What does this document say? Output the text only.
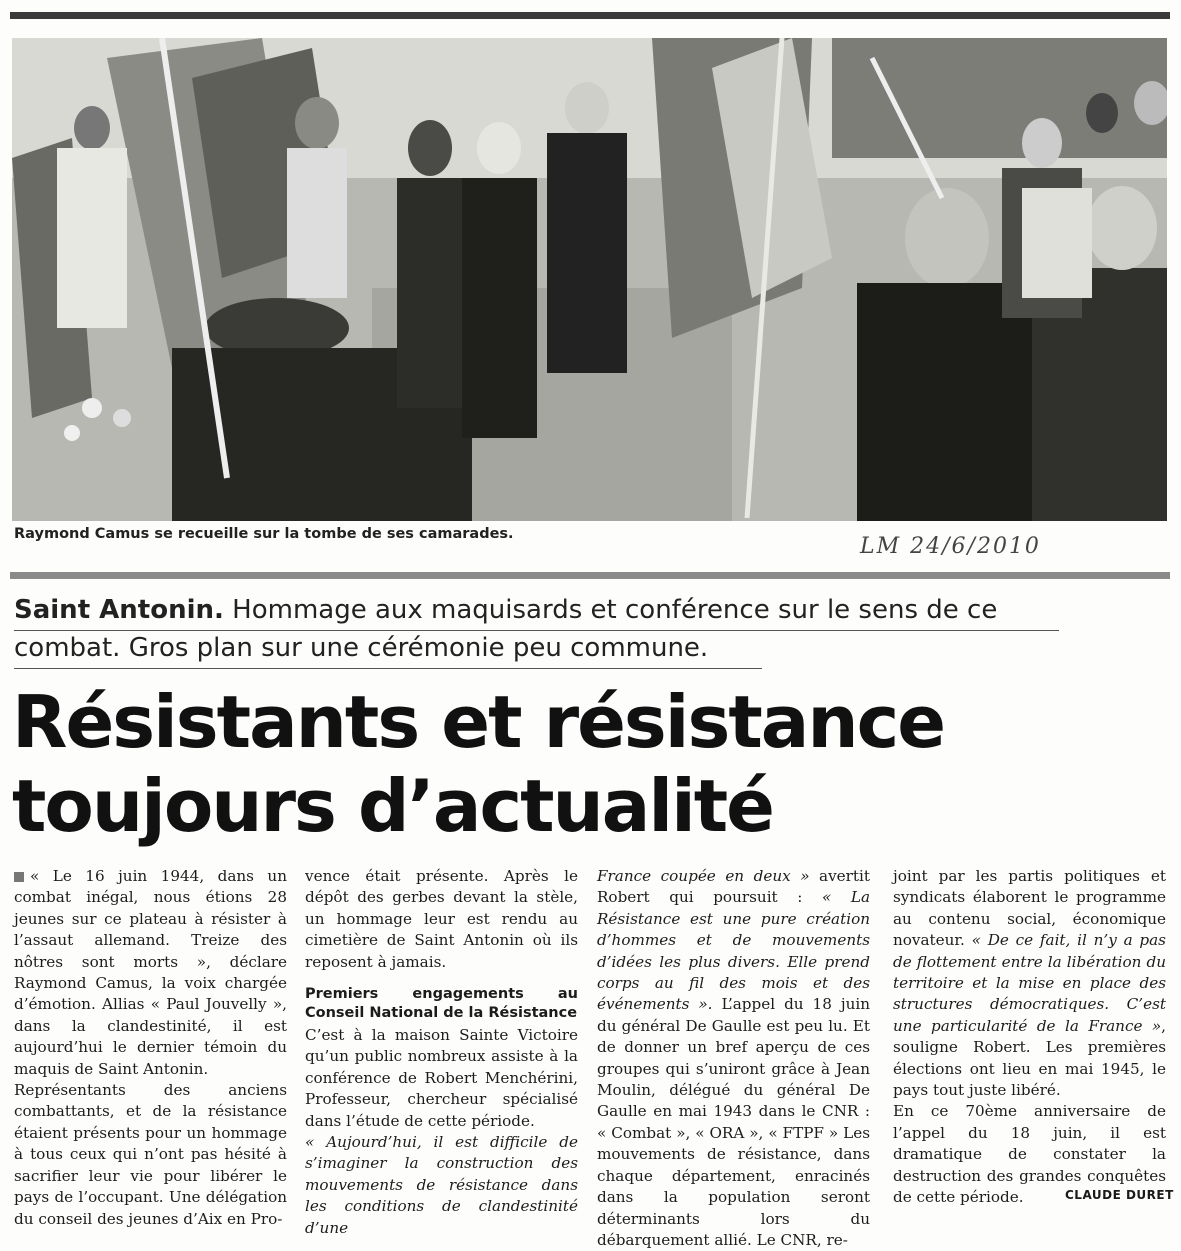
Raymond Camus se recueille sur la tombe de ses camarades.	LM 24/6/2010
Saint Antonin. Hommage aux maquisards et conférence sur le sens de ce combat. Gros plan sur une cérémonie peu commune.
Résistants et résistance
toujours d’actualité

« Le 16 juin 1944, dans un combat inégal, nous étions 28 jeunes sur ce plateau à résister à l’assaut allemand. Treize des nôtres sont morts », déclare Raymond Camus, la voix chargée d’émotion. Allias « Paul Jouvelly », dans la clandestinité, il est aujourd’hui le dernier témoin du maquis de Saint Antonin.

Représentants des anciens combattants, et de la résistance étaient présents pour un hommage à tous ceux qui n’ont pas hésité à sacrifier leur vie pour libérer le pays de l’occupant. Une délégation du conseil des jeunes d’Aix en Pro-

vence était présente. Après le dépôt des gerbes devant la stèle, un hommage leur est rendu au cimetière de Saint Antonin où ils reposent à jamais.

Premiers engagements au Conseil National de la Résistance

C’est à la maison Sainte Victoire qu’un public nombreux assiste à la conférence de Robert Menchérini, Professeur, chercheur spécialisé dans l’étude de cette période.

« Aujourd’hui, il est difficile de s’imaginer la construction des mouvements de résistance dans les conditions de clandestinité d’une

France coupée en deux » avertit Robert qui poursuit : « La Résistance est une pure création d’hommes et de mouvements d’idées les plus divers. Elle prend corps au fil des mois et des événements ». L’appel du 18 juin du général De Gaulle est peu lu. Et de donner un bref aperçu de ces groupes qui s’uniront grâce à Jean Moulin, délégué du général De Gaulle en mai 1943 dans le CNR : « Combat », « ORA », « FTPF » Les mouvements de résistance, dans chaque département, enracinés dans la population seront déterminants lors du débarquement allié. Le CNR, re-

joint par les partis politiques et syndicats élaborent le programme au contenu social, économique novateur. « De ce fait, il n’y a pas de flottement entre la libération du territoire et la mise en place des structures démocratiques. C’est une particularité de la France », souligne Robert. Les premières élections ont lieu en mai 1945, le pays tout juste libéré.

En ce 70ème anniversaire de l’appel du 18 juin, il est dramatique de constater la destruction des grandes conquêtes de cette période.	CLAUDE DURET
